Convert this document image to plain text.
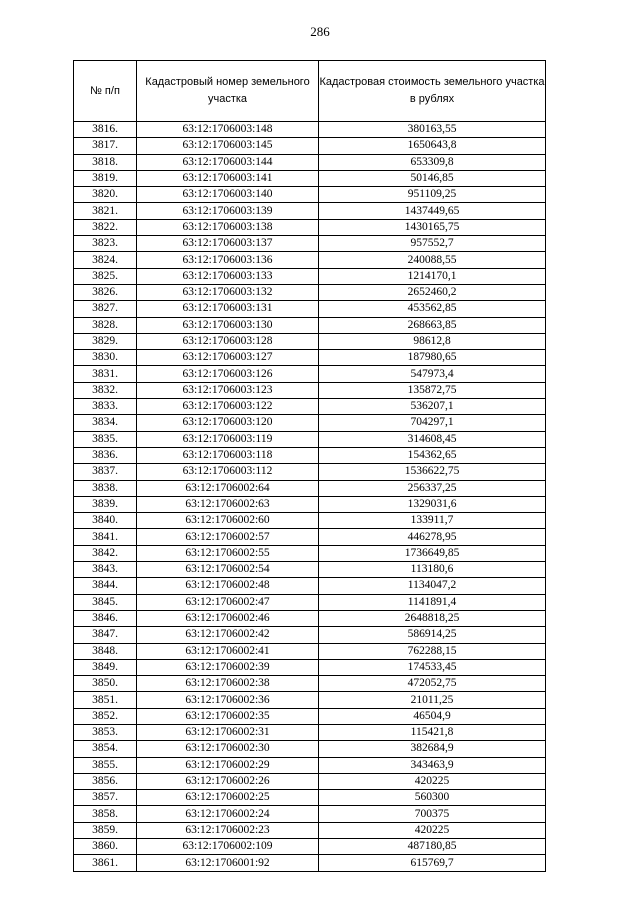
286
№ п/п	Кадастровый номер земельного участка	Кадастровая стоимость земельного участка в рублях
3816.	63:12:1706003:148	380163,55
3817.	63:12:1706003:145	1650643,8
3818.	63:12:1706003:144	653309,8
3819.	63:12:1706003:141	50146,85
3820.	63:12:1706003:140	951109,25
3821.	63:12:1706003:139	1437449,65
3822.	63:12:1706003:138	1430165,75
3823.	63:12:1706003:137	957552,7
3824.	63:12:1706003:136	240088,55
3825.	63:12:1706003:133	1214170,1
3826.	63:12:1706003:132	2652460,2
3827.	63:12:1706003:131	453562,85
3828.	63:12:1706003:130	268663,85
3829.	63:12:1706003:128	98612,8
3830.	63:12:1706003:127	187980,65
3831.	63:12:1706003:126	547973,4
3832.	63:12:1706003:123	135872,75
3833.	63:12:1706003:122	536207,1
3834.	63:12:1706003:120	704297,1
3835.	63:12:1706003:119	314608,45
3836.	63:12:1706003:118	154362,65
3837.	63:12:1706003:112	1536622,75
3838.	63:12:1706002:64	256337,25
3839.	63:12:1706002:63	1329031,6
3840.	63:12:1706002:60	133911,7
3841.	63:12:1706002:57	446278,95
3842.	63:12:1706002:55	1736649,85
3843.	63:12:1706002:54	113180,6
3844.	63:12:1706002:48	1134047,2
3845.	63:12:1706002:47	1141891,4
3846.	63:12:1706002:46	2648818,25
3847.	63:12:1706002:42	586914,25
3848.	63:12:1706002:41	762288,15
3849.	63:12:1706002:39	174533,45
3850.	63:12:1706002:38	472052,75
3851.	63:12:1706002:36	21011,25
3852.	63:12:1706002:35	46504,9
3853.	63:12:1706002:31	115421,8
3854.	63:12:1706002:30	382684,9
3855.	63:12:1706002:29	343463,9
3856.	63:12:1706002:26	420225
3857.	63:12:1706002:25	560300
3858.	63:12:1706002:24	700375
3859.	63:12:1706002:23	420225
3860.	63:12:1706002:109	487180,85
3861.	63:12:1706001:92	615769,7
